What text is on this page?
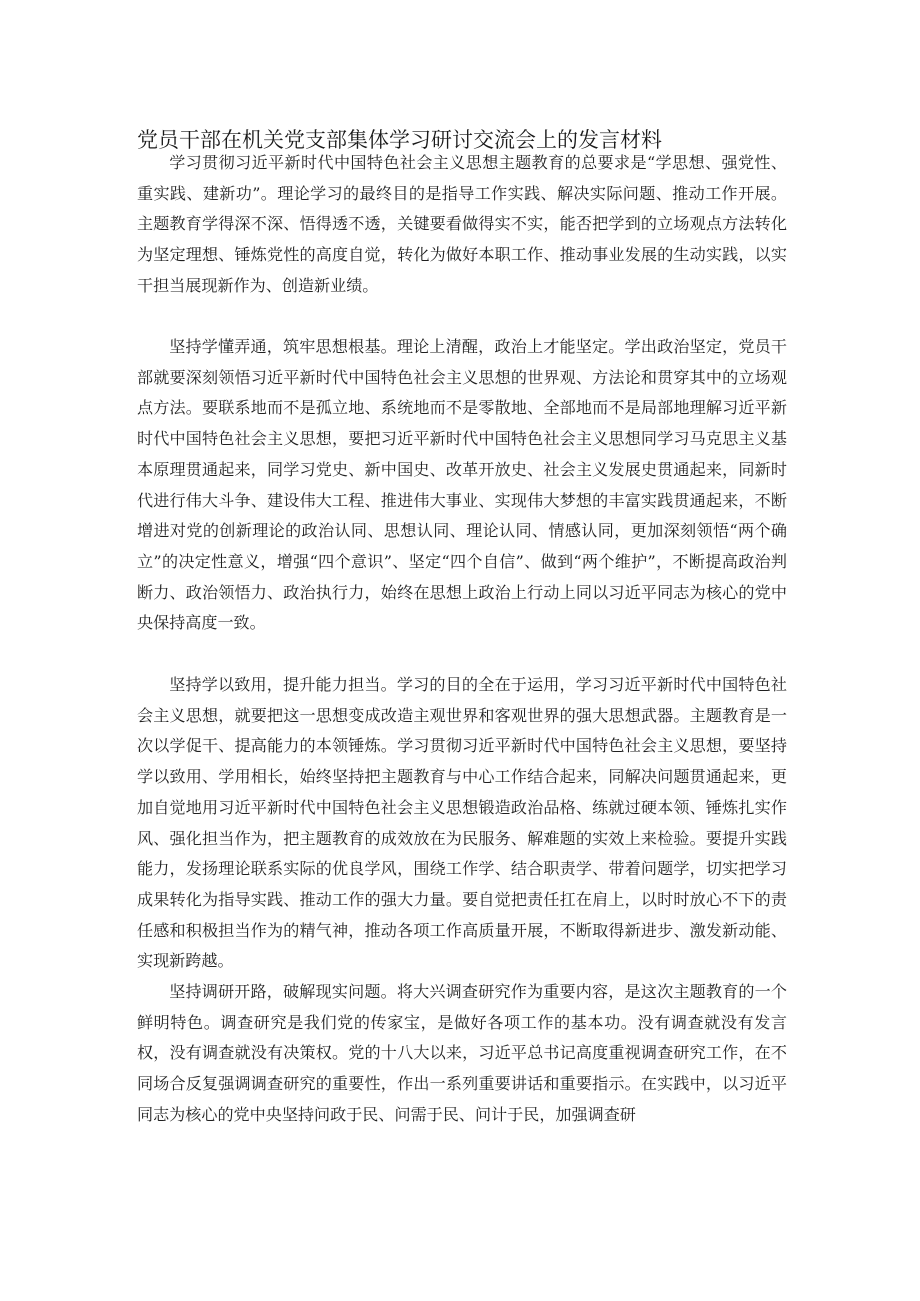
党员干部在机关党支部集体学习研讨交流会上的发言材料

学习贯彻习近平新时代中国特色社会主义思想主题教育的总要求是“学思想、强党性、重实践、建新功”。理论学习的最终目的是指导工作实践、解决实际问题、推动工作开展。主题教育学得深不深、悟得透不透，关键要看做得实不实，能否把学到的立场观点方法转化为坚定理想、锤炼党性的高度自觉，转化为做好本职工作、推动事业发展的生动实践，以实干担当展现新作为、创造新业绩。

坚持学懂弄通，筑牢思想根基。理论上清醒，政治上才能坚定。学出政治坚定，党员干部就要深刻领悟习近平新时代中国特色社会主义思想的世界观、方法论和贯穿其中的立场观点方法。要联系地而不是孤立地、系统地而不是零散地、全部地而不是局部地理解习近平新时代中国特色社会主义思想，要把习近平新时代中国特色社会主义思想同学习马克思主义基本原理贯通起来，同学习党史、新中国史、改革开放史、社会主义发展史贯通起来，同新时代进行伟大斗争、建设伟大工程、推进伟大事业、实现伟大梦想的丰富实践贯通起来，不断增进对党的创新理论的政治认同、思想认同、理论认同、情感认同，更加深刻领悟“两个确立”的决定性意义，增强“四个意识”、坚定“四个自信”、做到“两个维护”，不断提高政治判断力、政治领悟力、政治执行力，始终在思想上政治上行动上同以习近平同志为核心的党中央保持高度一致。

坚持学以致用，提升能力担当。学习的目的全在于运用，学习习近平新时代中国特色社会主义思想，就要把这一思想变成改造主观世界和客观世界的强大思想武器。主题教育是一次以学促干、提高能力的本领锤炼。学习贯彻习近平新时代中国特色社会主义思想，要坚持学以致用、学用相长，始终坚持把主题教育与中心工作结合起来，同解决问题贯通起来，更加自觉地用习近平新时代中国特色社会主义思想锻造政治品格、练就过硬本领、锤炼扎实作风、强化担当作为，把主题教育的成效放在为民服务、解难题的实效上来检验。要提升实践能力，发扬理论联系实际的优良学风，围绕工作学、结合职责学、带着问题学，切实把学习成果转化为指导实践、推动工作的强大力量。要自觉把责任扛在肩上，以时时放心不下的责任感和积极担当作为的精气神，推动各项工作高质量开展，不断取得新进步、激发新动能、实现新跨越。

坚持调研开路，破解现实问题。将大兴调查研究作为重要内容，是这次主题教育的一个鲜明特色。调查研究是我们党的传家宝，是做好各项工作的基本功。没有调查就没有发言权，没有调查就没有决策权。党的十八大以来，习近平总书记高度重视调查研究工作，在不同场合反复强调调查研究的重要性，作出一系列重要讲话和重要指示。在实践中，以习近平同志为核心的党中央坚持问政于民、问需于民、问计于民，加强调查研
